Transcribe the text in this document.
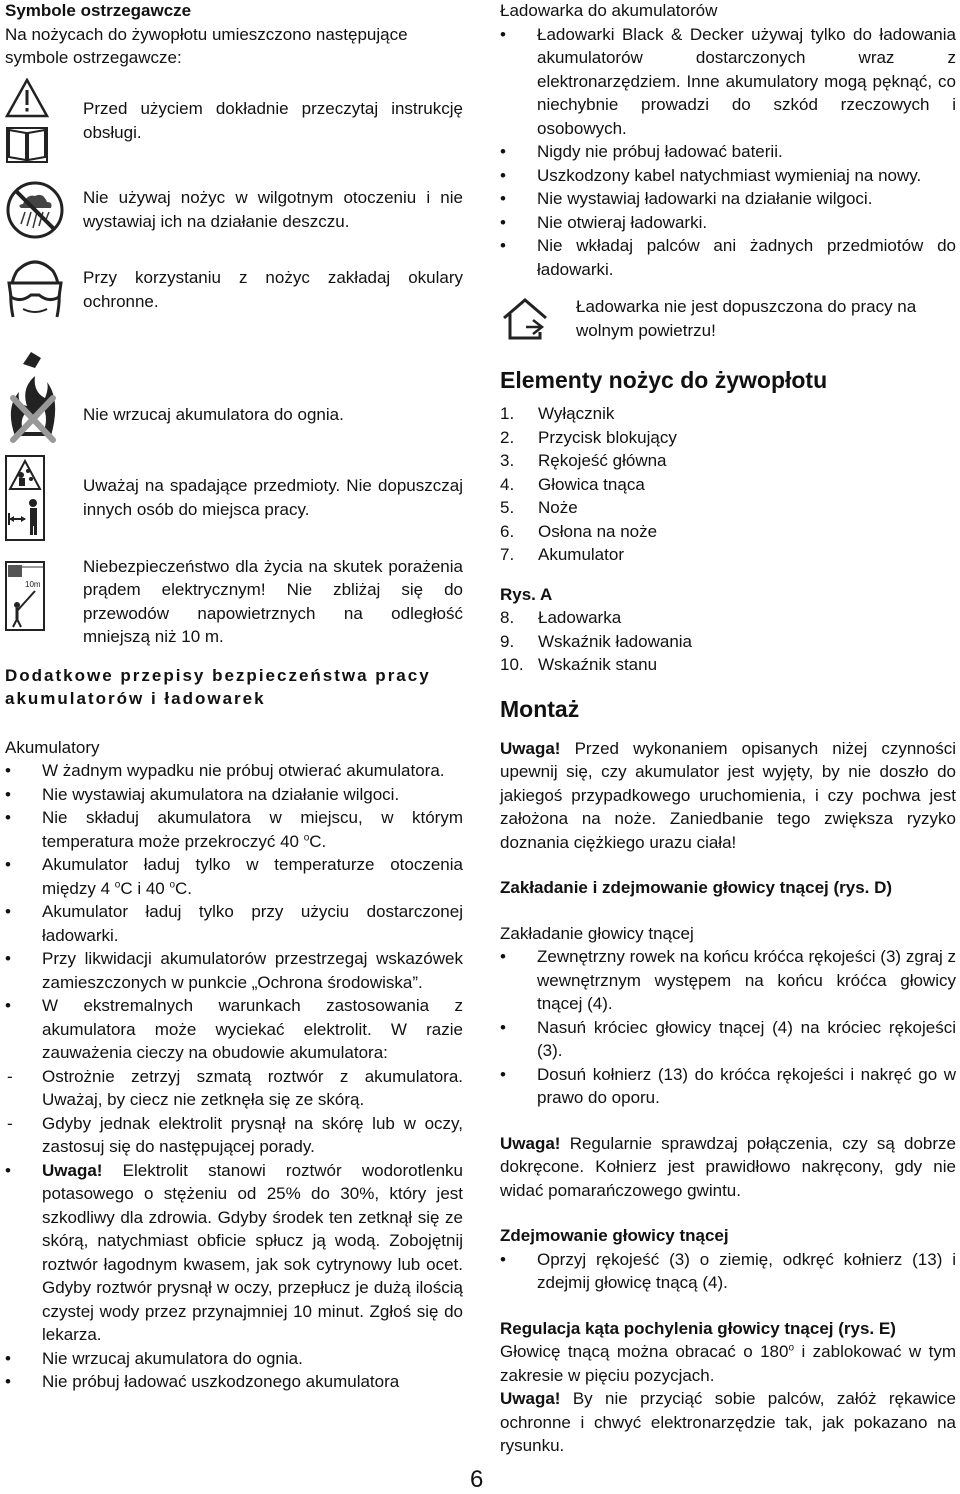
Symbole ostrzegawcze
Na nożycach do żywopłotu umieszczono następujące symbole ostrzegawcze:
Przed użyciem dokładnie przeczytaj instrukcję obsługi.
Nie używaj nożyc w wilgotnym otoczeniu i nie wystawiaj ich na działanie deszczu.
Przy korzystaniu z nożyc zakładaj okulary ochronne.
Nie wrzucaj akumulatora do ognia.
Uważaj na spadające przedmioty. Nie dopuszczaj innych osób do miejsca pracy.
10m
Niebezpieczeństwo dla życia na skutek porażenia prądem elektrycznym! Nie zbliżaj się do przewodów napowietrznych na odległość mniejszą niż 10 m.
Dodatkowe przepisy bezpieczeństwa pracy akumulatorów i ładowarek
Akumulatory
• W żadnym wypadku nie próbuj otwierać akumulatora.
• Nie wystawiaj akumulatora na działanie wilgoci.
• Nie składuj akumulatora w miejscu, w którym temperatura może przekroczyć 40 $^o$C.
• Akumulator ładuj tylko w temperaturze otoczenia między 4 $^o$C i 40 $^o$C.
• Akumulator ładuj tylko przy użyciu dostarczonej ładowarki.
• Przy likwidacji akumulatorów przestrzegaj wskazówek zamieszczonych w punkcie „Ochrona środowiska”.
• W ekstremalnych warunkach zastosowania z akumulatora może wyciekać elektrolit. W razie zauważenia cieczy na obudowie akumulatora:
- Ostrożnie zetrzyj szmatą roztwór z akumulatora. Uważaj, by ciecz nie zetknęła się ze skórą.
- Gdyby jednak elektrolit prysnął na skórę lub w oczy, zastosuj się do następującej porady.
• Uwaga! Elektrolit stanowi roztwór wodorotlenku potasowego o stężeniu od 25% do 30%, który jest szkodliwy dla zdrowia. Gdyby środek ten zetknął się ze skórą, natychmiast obficie spłucz ją wodą. Zobojętnij roztwór łagodnym kwasem, jak sok cytrynowy lub ocet. Gdyby roztwór prysnął w oczy, przepłucz je dużą ilością czystej wody przez przynajmniej 10 minut. Zgłoś się do lekarza.
• Nie wrzucaj akumulatora do ognia.
• Nie próbuj ładować uszkodzonego akumulatora
Ładowarka do akumulatorów
• Ładowarki Black & Decker używaj tylko do ładowania akumulatorów dostarczonych wraz z elektronarzędziem. Inne akumulatory mogą pęknąć, co niechybnie prowadzi do szkód rzeczowych i osobowych.
• Nigdy nie próbuj ładować baterii.
• Uszkodzony kabel natychmiast wymieniaj na nowy.
• Nie wystawiaj ładowarki na działanie wilgoci.
• Nie otwieraj ładowarki.
• Nie wkładaj palców ani żadnych przedmiotów do ładowarki.
Ładowarka nie jest dopuszczona do pracy na wolnym powietrzu!
Elementy nożyc do żywopłotu
1.	Wyłącznik
2.	Przycisk blokujący
3.	Rękojeść główna
4.	Głowica tnąca
5.	Noże
6.	Osłona na noże
7.	Akumulator
Rys. A
8.	Ładowarka
9.	Wskaźnik ładowania
10. Wskaźnik stanu
Montaż
Uwaga! Przed wykonaniem opisanych niżej czynności upewnij się, czy akumulator jest wyjęty, by nie doszło do jakiegoś przypadkowego uruchomienia, i czy pochwa jest założona na noże. Zaniedbanie tego zwiększa ryzyko doznania ciężkiego urazu ciała!
Zakładanie i zdejmowanie głowicy tnącej (rys. D)
Zakładanie głowicy tnącej
• Zewnętrzny rowek na końcu króćca rękojeści (3) zgraj z wewnętrznym występem na końcu króćca głowicy tnącej (4).
• Nasuń króciec głowicy tnącej (4) na króciec rękojeści (3).
• Dosuń kołnierz (13) do króćca rękojeści i nakręć go w prawo do oporu.
Uwaga! Regularnie sprawdzaj połączenia, czy są dobrze dokręcone. Kołnierz jest prawidłowo nakręcony, gdy nie widać pomarańczowego gwintu.
Zdejmowanie głowicy tnącej
• Oprzyj rękojeść (3) o ziemię, odkręć kołnierz (13) i zdejmij głowicę tnącą (4).
Regulacja kąta pochylenia głowicy tnącej (rys. E)
Głowicę tnącą można obracać o 180$^o$ i zablokować w tym zakresie w pięciu pozycjach.
Uwaga! By nie przyciąć sobie palców, załóż rękawice ochronne i chwyć elektronarzędzie tak, jak pokazano na rysunku.
6
